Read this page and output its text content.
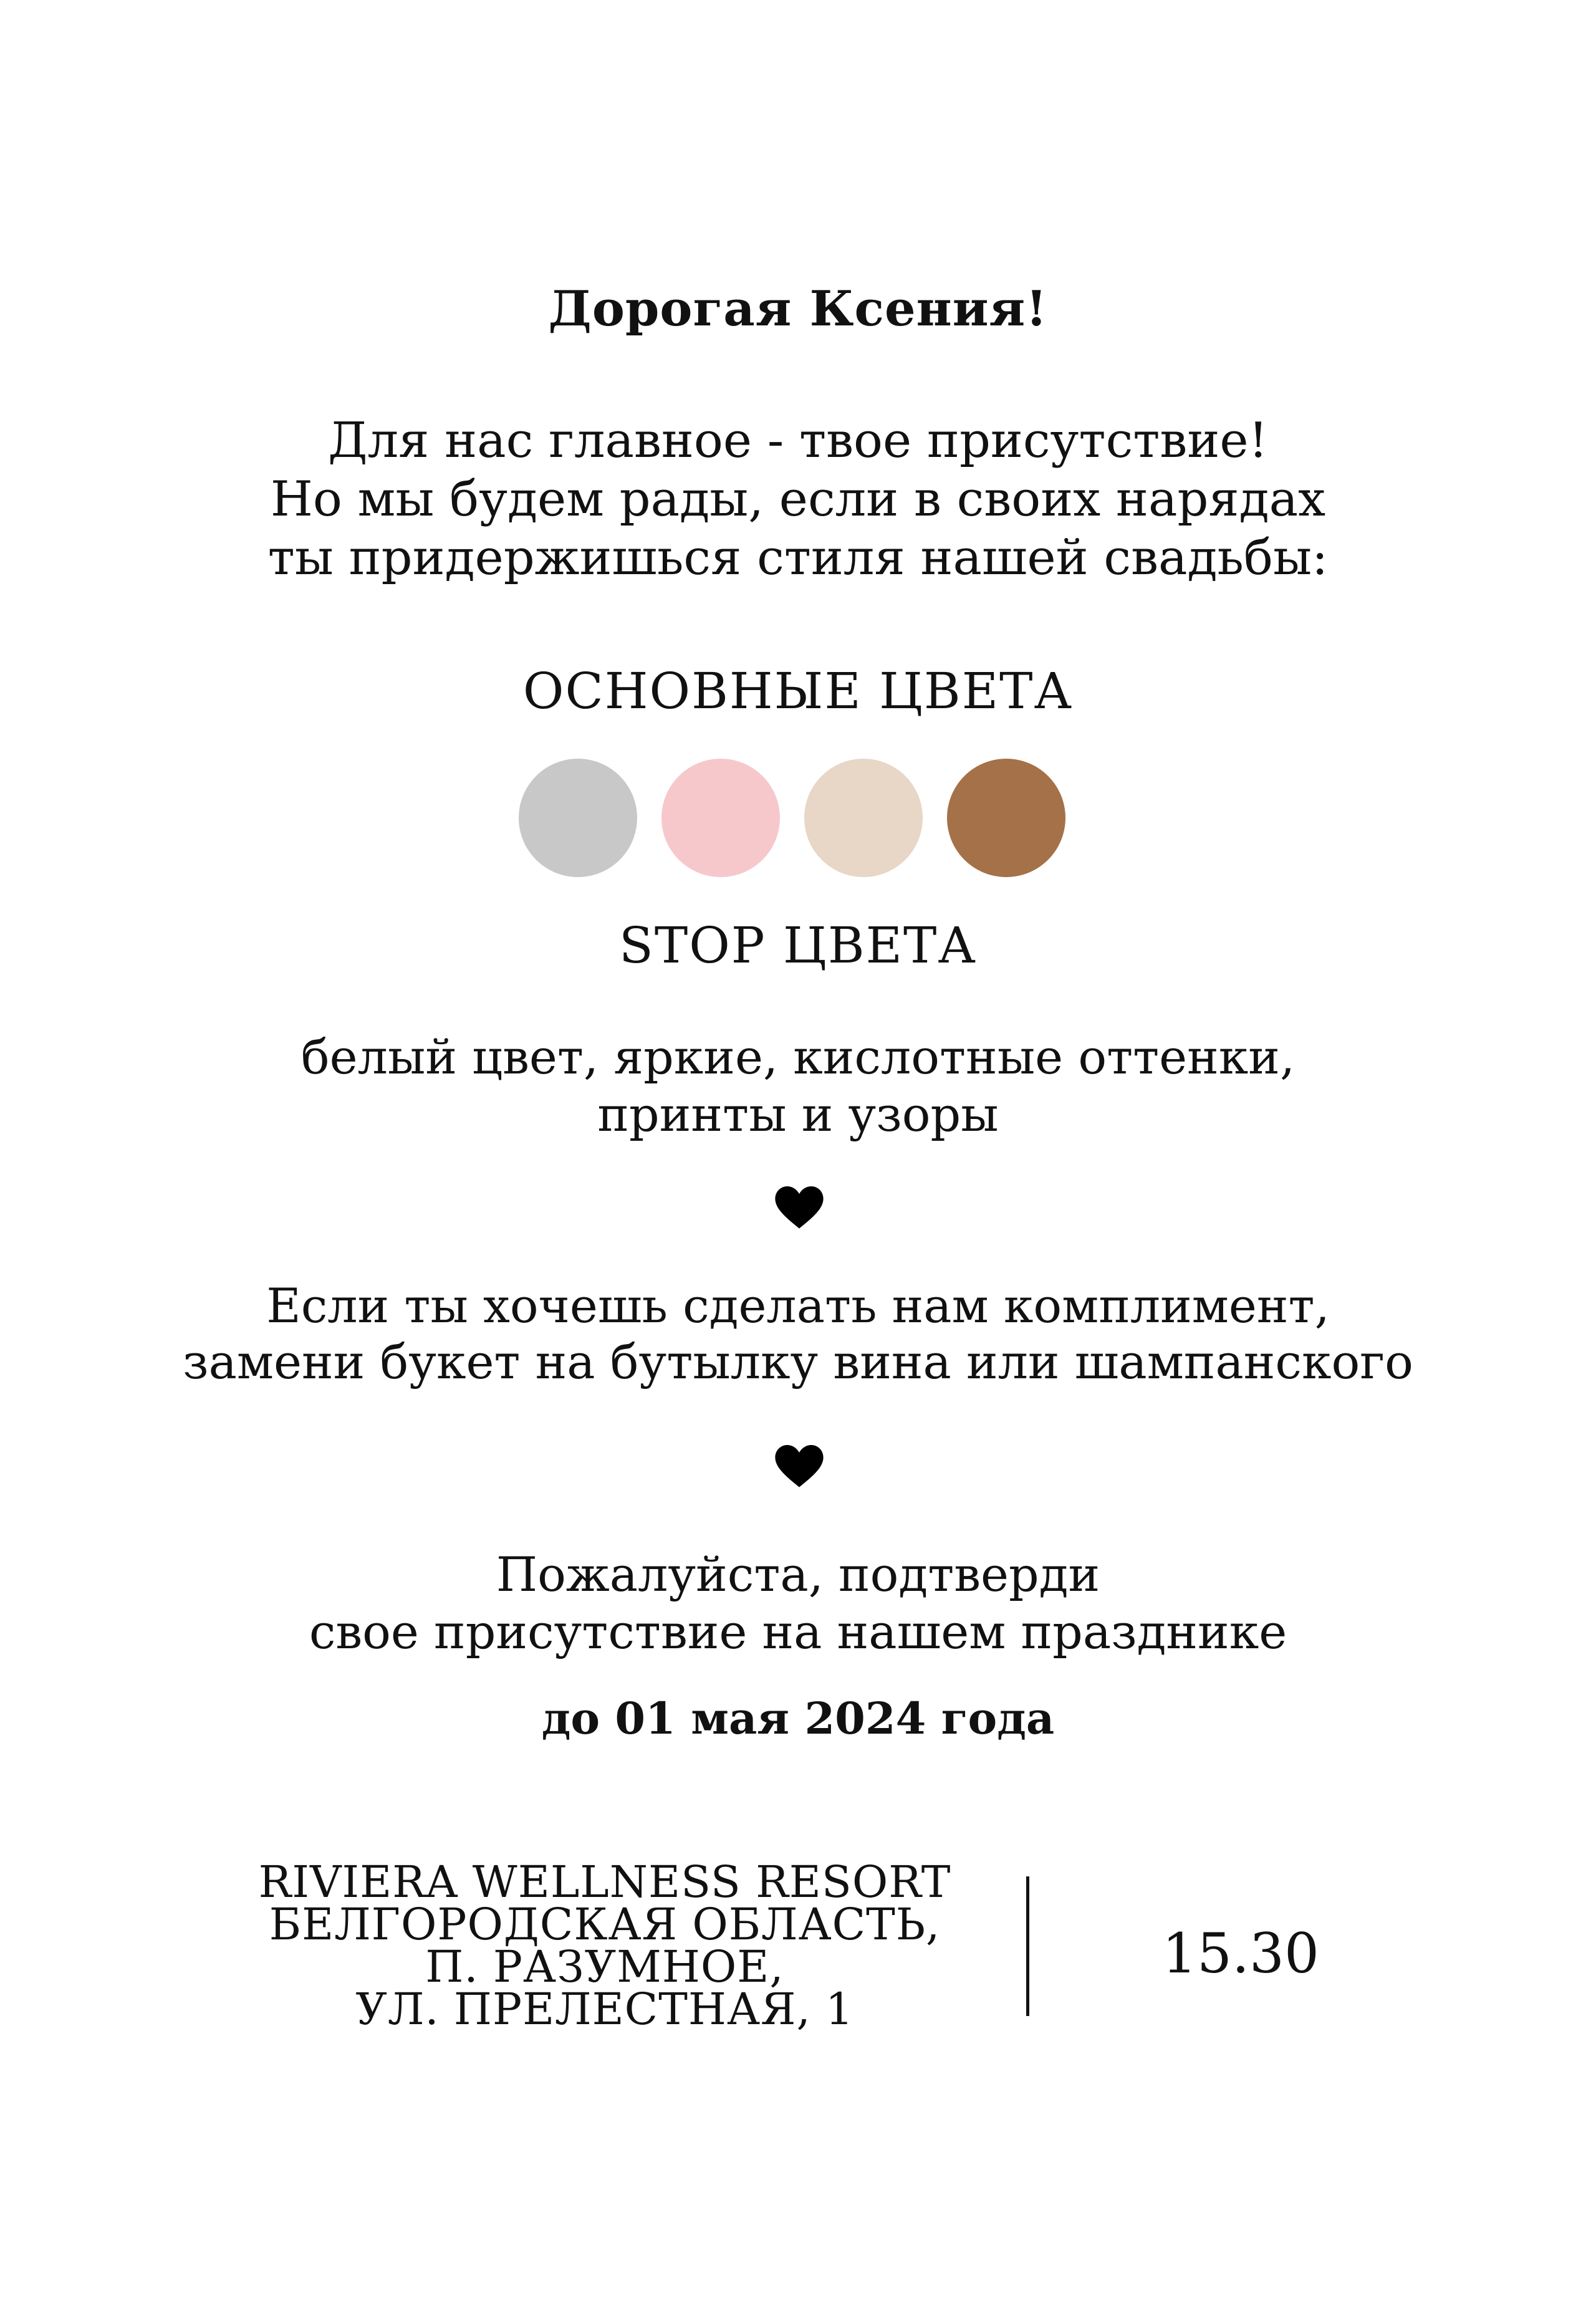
Дорогая Ксения!
Для нас главное - твое присутствие!
Но мы будем рады, если в своих нарядах
ты придержишься стиля нашей свадьбы:
ОСНОВНЫЕ ЦВЕТА
STOP ЦВЕТА
белый цвет, яркие, кислотные оттенки,
принты и узоры
Если ты хочешь сделать нам комплимент,
замени букет на бутылку вина или шампанского
Пожалуйста, подтверди
свое присутствие на нашем празднике
до 01 мая 2024 года
RIVIERA WELLNESS RESORT
БЕЛГОРОДСКАЯ ОБЛАСТЬ,
П. РАЗУМНОЕ,
УЛ. ПРЕЛЕСТНАЯ, 1
15.30
